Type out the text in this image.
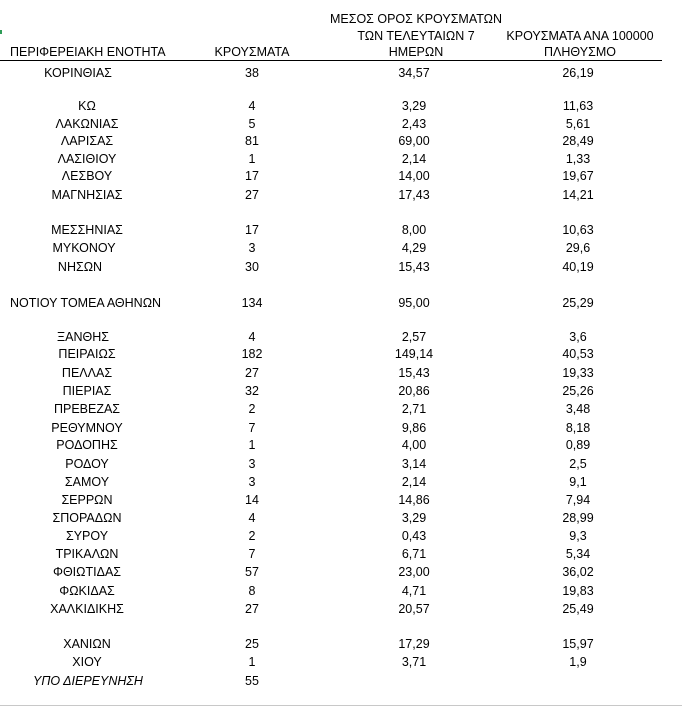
ΠΕΡΙΦΕΡΕΙΑΚΗ ΕΝΟΤΗΤΑ	ΚΡΟΥΣΜΑΤΑ
ΜΕΣΟΣ ΟΡΟΣ ΚΡΟΥΣΜΑΤΩΝ
ΤΩΝ ΤΕΛΕΥΤΑΙΩΝ 7
ΗΜΕΡΩΝ
ΚΡΟΥΣΜΑΤΑ ΑΝΑ 100000
ΠΛΗΘΥΣΜΟ
ΚΟΡΙΝΘΙΑΣ	38	34,57	26,19
ΚΩ	4	3,29	11,63
ΛΑΚΩΝΙΑΣ	5	2,43	5,61
ΛΑΡΙΣΑΣ	81	69,00	28,49
ΛΑΣΙΘΙΟΥ	1	2,14	1,33
ΛΕΣΒΟΥ	17	14,00	19,67
ΜΑΓΝΗΣΙΑΣ	27	17,43	14,21
ΜΕΣΣΗΝΙΑΣ	17	8,00	10,63
ΜΥΚΟΝΟΥ	3	4,29	29,6
ΝΗΣΩΝ	30	15,43	40,19
ΝΟΤΙΟΥ ΤΟΜΕΑ ΑΘΗΝΩΝ	134	95,00	25,29
ΞΑΝΘΗΣ	4	2,57	3,6
ΠΕΙΡΑΙΩΣ	182	149,14	40,53
ΠΕΛΛΑΣ	27	15,43	19,33
ΠΙΕΡΙΑΣ	32	20,86	25,26
ΠΡΕΒΕΖΑΣ	2	2,71	3,48
ΡΕΘΥΜΝΟΥ	7	9,86	8,18
ΡΟΔΟΠΗΣ	1	4,00	0,89
ΡΟΔΟΥ	3	3,14	2,5
ΣΑΜΟΥ	3	2,14	9,1
ΣΕΡΡΩΝ	14	14,86	7,94
ΣΠΟΡΑΔΩΝ	4	3,29	28,99
ΣΥΡΟΥ	2	0,43	9,3
ΤΡΙΚΑΛΩΝ	7	6,71	5,34
ΦΘΙΩΤΙΔΑΣ	57	23,00	36,02
ΦΩΚΙΔΑΣ	8	4,71	19,83
ΧΑΛΚΙΔΙΚΗΣ	27	20,57	25,49
ΧΑΝΙΩΝ	25	17,29	15,97
ΧΙΟΥ	1	3,71	1,9
ΥΠΟ ΔΙΕΡΕΥΝΗΣΗ	55
